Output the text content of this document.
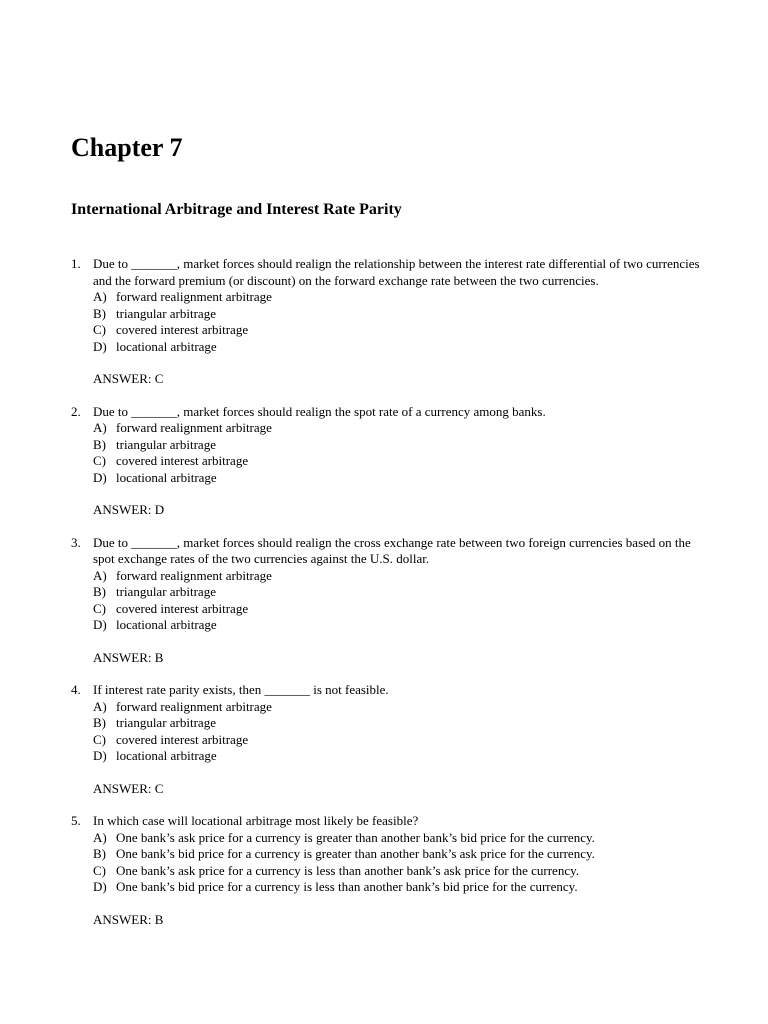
Chapter 7
International Arbitrage and Interest Rate Parity
1. Due to _______, market forces should realign the relationship between the interest rate differential of two currencies and the forward premium (or discount) on the forward exchange rate between the two currencies.
A) forward realignment arbitrage
B) triangular arbitrage
C) covered interest arbitrage
D) locational arbitrage
ANSWER: C
2. Due to _______, market forces should realign the spot rate of a currency among banks.
A) forward realignment arbitrage
B) triangular arbitrage
C) covered interest arbitrage
D) locational arbitrage
ANSWER: D
3. Due to _______, market forces should realign the cross exchange rate between two foreign currencies based on the spot exchange rates of the two currencies against the U.S. dollar.
A) forward realignment arbitrage
B) triangular arbitrage
C) covered interest arbitrage
D) locational arbitrage
ANSWER: B
4. If interest rate parity exists, then _______ is not feasible.
A) forward realignment arbitrage
B) triangular arbitrage
C) covered interest arbitrage
D) locational arbitrage
ANSWER: C
5. In which case will locational arbitrage most likely be feasible?
A) One bank’s ask price for a currency is greater than another bank’s bid price for the currency.
B) One bank’s bid price for a currency is greater than another bank’s ask price for the currency.
C) One bank’s ask price for a currency is less than another bank’s ask price for the currency.
D) One bank’s bid price for a currency is less than another bank’s bid price for the currency.
ANSWER: B
